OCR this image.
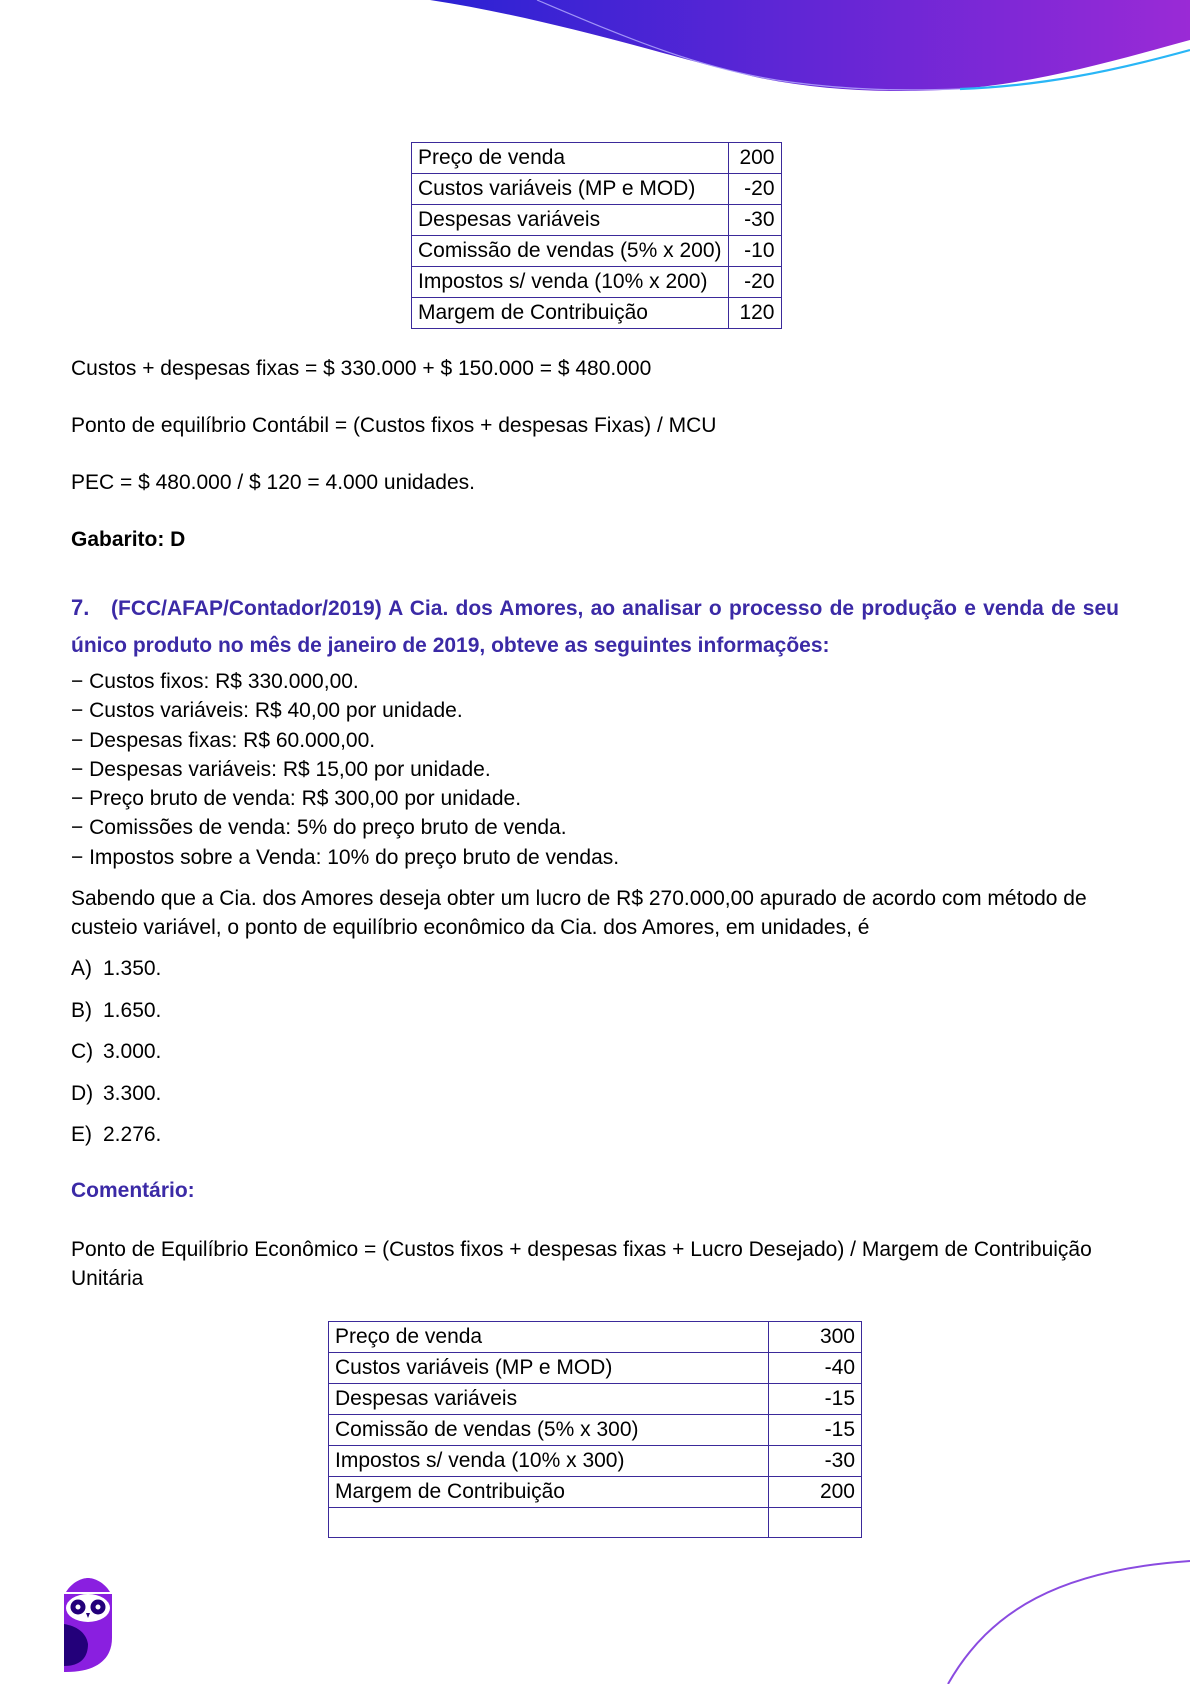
Preço de venda	200
Custos variáveis (MP e MOD)	-20
Despesas variáveis	-30
Comissão de vendas (5% x 200)	-10
Impostos s/ venda (10% x 200)	-20
Margem de Contribuição	120
Custos + despesas fixas = $ 330.000 + $ 150.000 = $ 480.000
Ponto de equilíbrio Contábil = (Custos fixos + despesas Fixas) / MCU
PEC = $ 480.000 / $ 120 = 4.000 unidades.
Gabarito: D
7. (FCC/AFAP/Contador/2019) A Cia. dos Amores, ao analisar o processo de produção e venda de seu único produto no mês de janeiro de 2019, obteve as seguintes informações:
− Custos fixos: R$ 330.000,00.
− Custos variáveis: R$ 40,00 por unidade.
− Despesas fixas: R$ 60.000,00.
− Despesas variáveis: R$ 15,00 por unidade.
− Preço bruto de venda: R$ 300,00 por unidade.
− Comissões de venda: 5% do preço bruto de venda.
− Impostos sobre a Venda: 10% do preço bruto de vendas.
Sabendo que a Cia. dos Amores deseja obter um lucro de R$ 270.000,00 apurado de acordo com método de custeio variável, o ponto de equilíbrio econômico da Cia. dos Amores, em unidades, é
A) 1.350.
B) 1.650.
C) 3.000.
D) 3.300.
E) 2.276.
Comentário:
Ponto de Equilíbrio Econômico = (Custos fixos + despesas fixas + Lucro Desejado) / Margem de Contribuição Unitária
Preço de venda	300
Custos variáveis (MP e MOD)	-40
Despesas variáveis	-15
Comissão de vendas (5% x 300)	-15
Impostos s/ venda (10% x 300)	-30
Margem de Contribuição	200
